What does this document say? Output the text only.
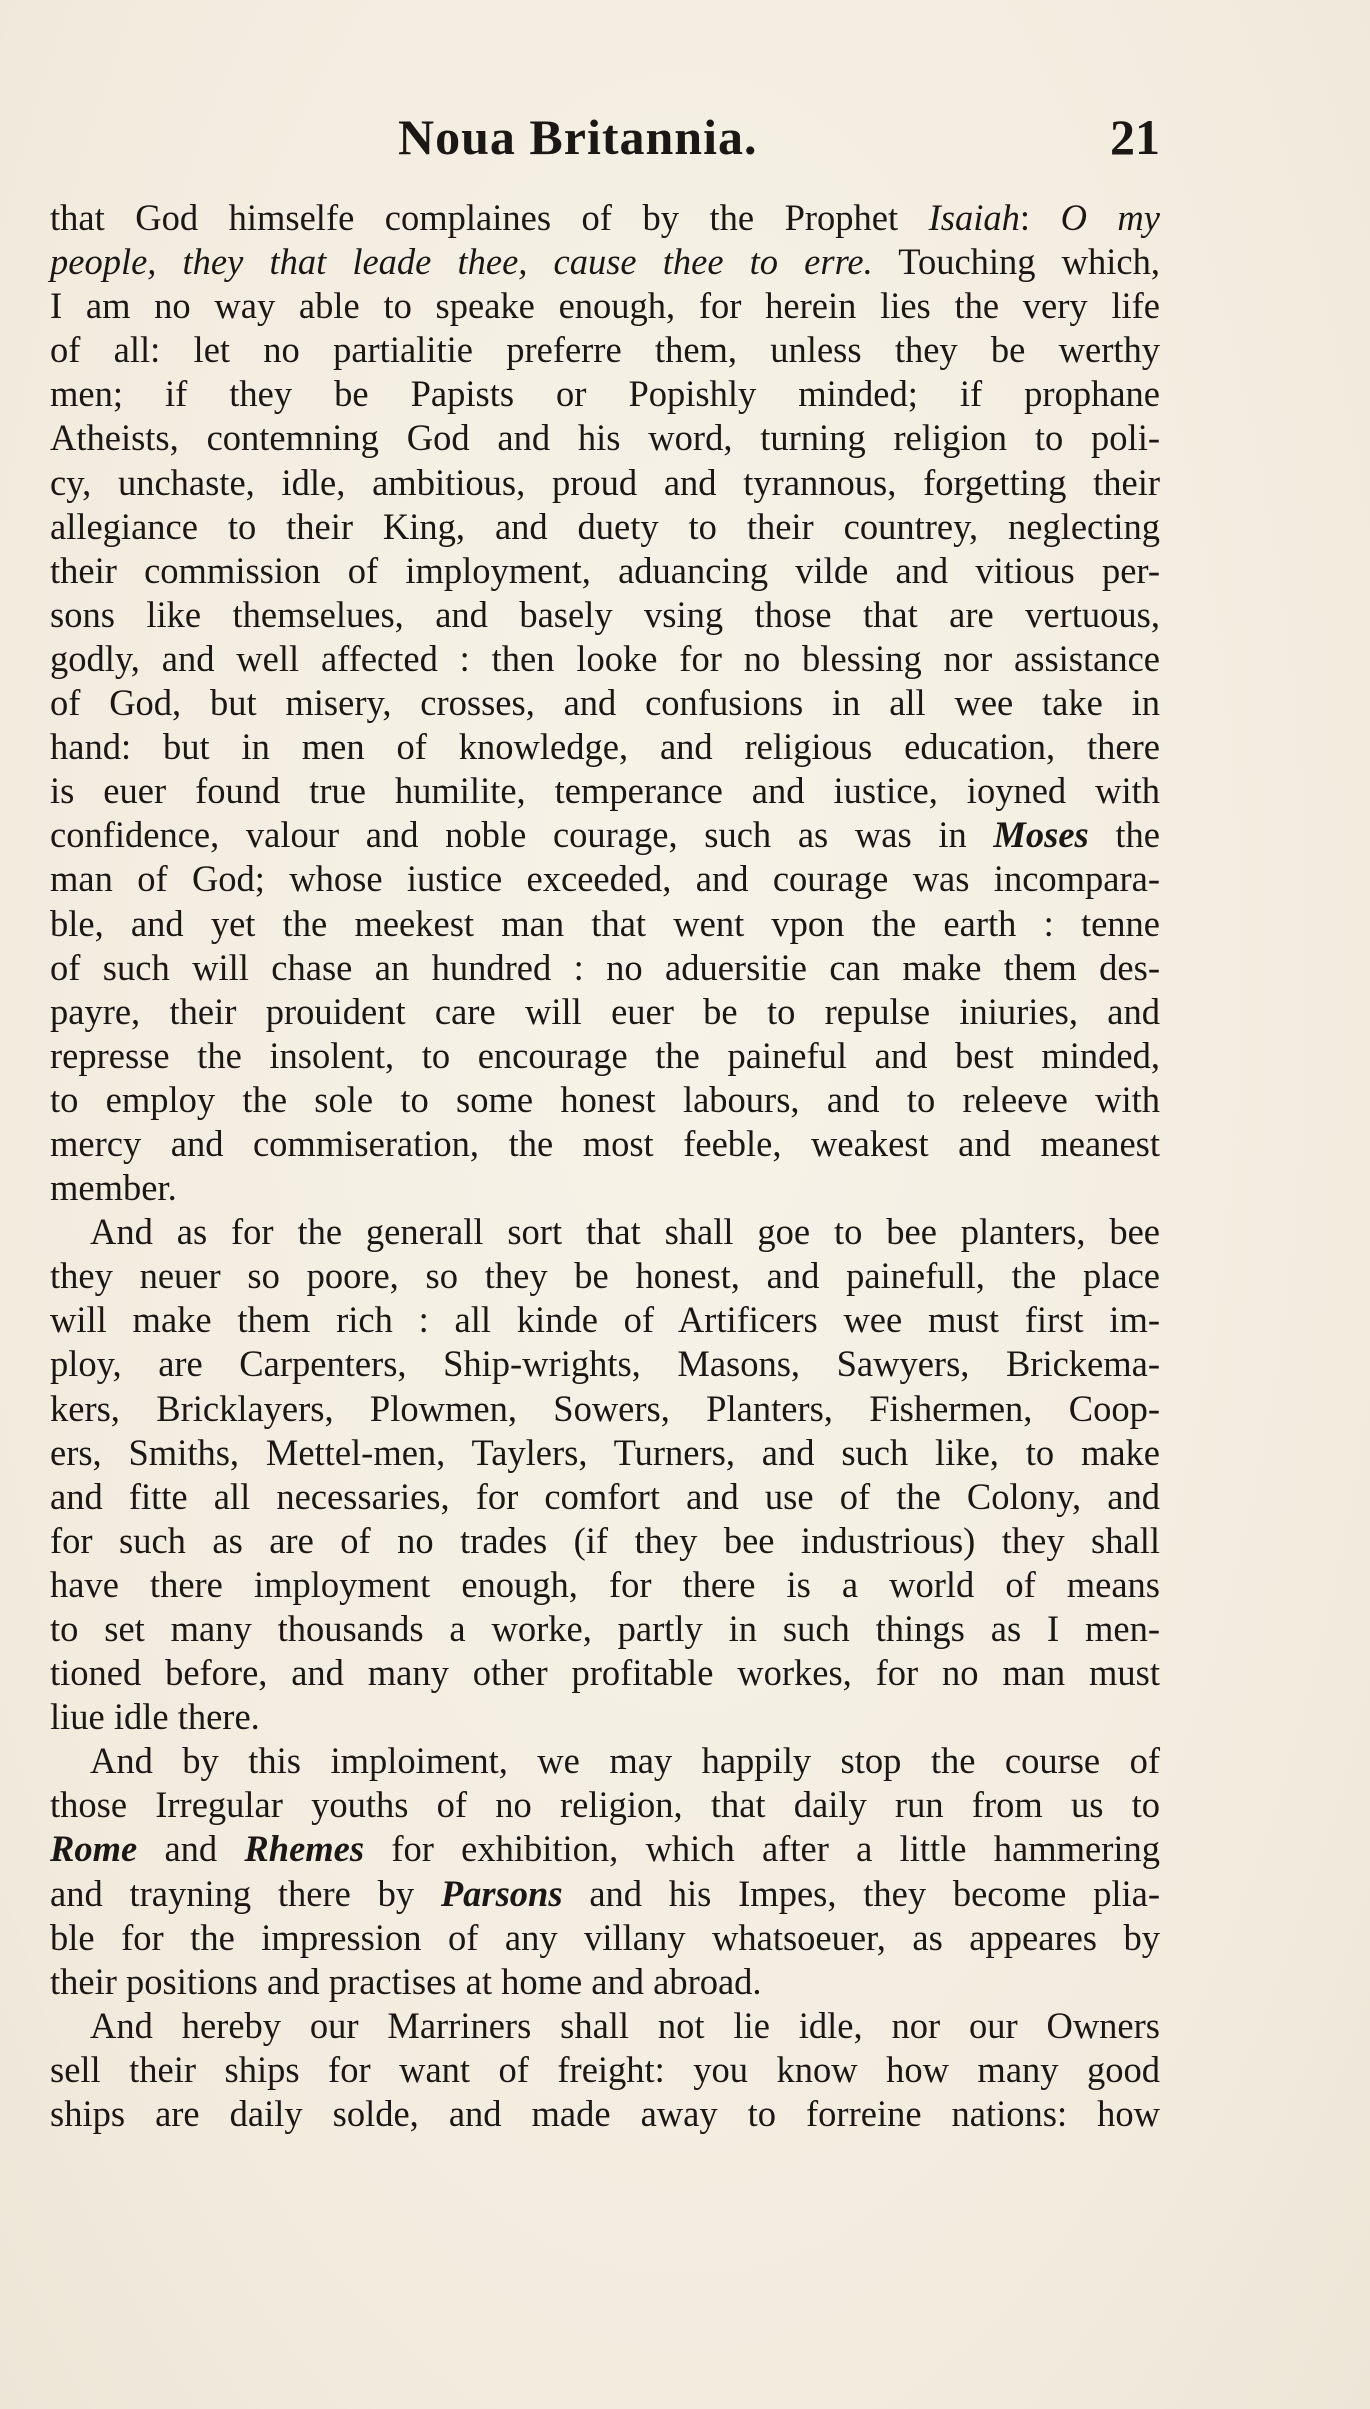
Noua Britannia.	21
that God himselfe complaines of by the Prophet Isaiah: O my
people, they that leade thee, cause thee to erre. Touching which,
I am no way able to speake enough, for herein lies the very life
of all: let no partialitie preferre them, unless they be werthy
men; if they be Papists or Popishly minded; if prophane
Atheists, contemning God and his word, turning religion to poli-
cy, unchaste, idle, ambitious, proud and tyrannous, forgetting their
allegiance to their King, and duety to their countrey, neglecting
their commission of imployment, aduancing vilde and vitious per-
sons like themselues, and basely vsing those that are vertuous,
godly, and well affected : then looke for no blessing nor assistance
of God, but misery, crosses, and confusions in all wee take in
hand: but in men of knowledge, and religious education, there
is euer found true humilite, temperance and iustice, ioyned with
confidence, valour and noble courage, such as was in Moses the
man of God; whose iustice exceeded, and courage was incompara-
ble, and yet the meekest man that went vpon the earth : tenne
of such will chase an hundred : no aduersitie can make them des-
payre, their prouident care will euer be to repulse iniuries, and
represse the insolent, to encourage the paineful and best minded,
to employ the sole to some honest labours, and to releeve with
mercy and commiseration, the most feeble, weakest and meanest
member.
And as for the generall sort that shall goe to bee planters, bee
they neuer so poore, so they be honest, and painefull, the place
will make them rich : all kinde of Artificers wee must first im-
ploy, are Carpenters, Ship-wrights, Masons, Sawyers, Brickema-
kers, Bricklayers, Plowmen, Sowers, Planters, Fishermen, Coop-
ers, Smiths, Mettel-men, Taylers, Turners, and such like, to make
and fitte all necessaries, for comfort and use of the Colony, and
for such as are of no trades (if they bee industrious) they shall
have there imployment enough, for there is a world of means
to set many thousands a worke, partly in such things as I men-
tioned before, and many other profitable workes, for no man must
liue idle there.
And by this imploiment, we may happily stop the course of
those Irregular youths of no religion, that daily run from us to
Rome and Rhemes for exhibition, which after a little hammering
and trayning there by Parsons and his Impes, they become plia-
ble for the impression of any villany whatsoeuer, as appeares by
their positions and practises at home and abroad.
And hereby our Marriners shall not lie idle, nor our Owners
sell their ships for want of freight: you know how many good
ships are daily solde, and made away to forreine nations: how
